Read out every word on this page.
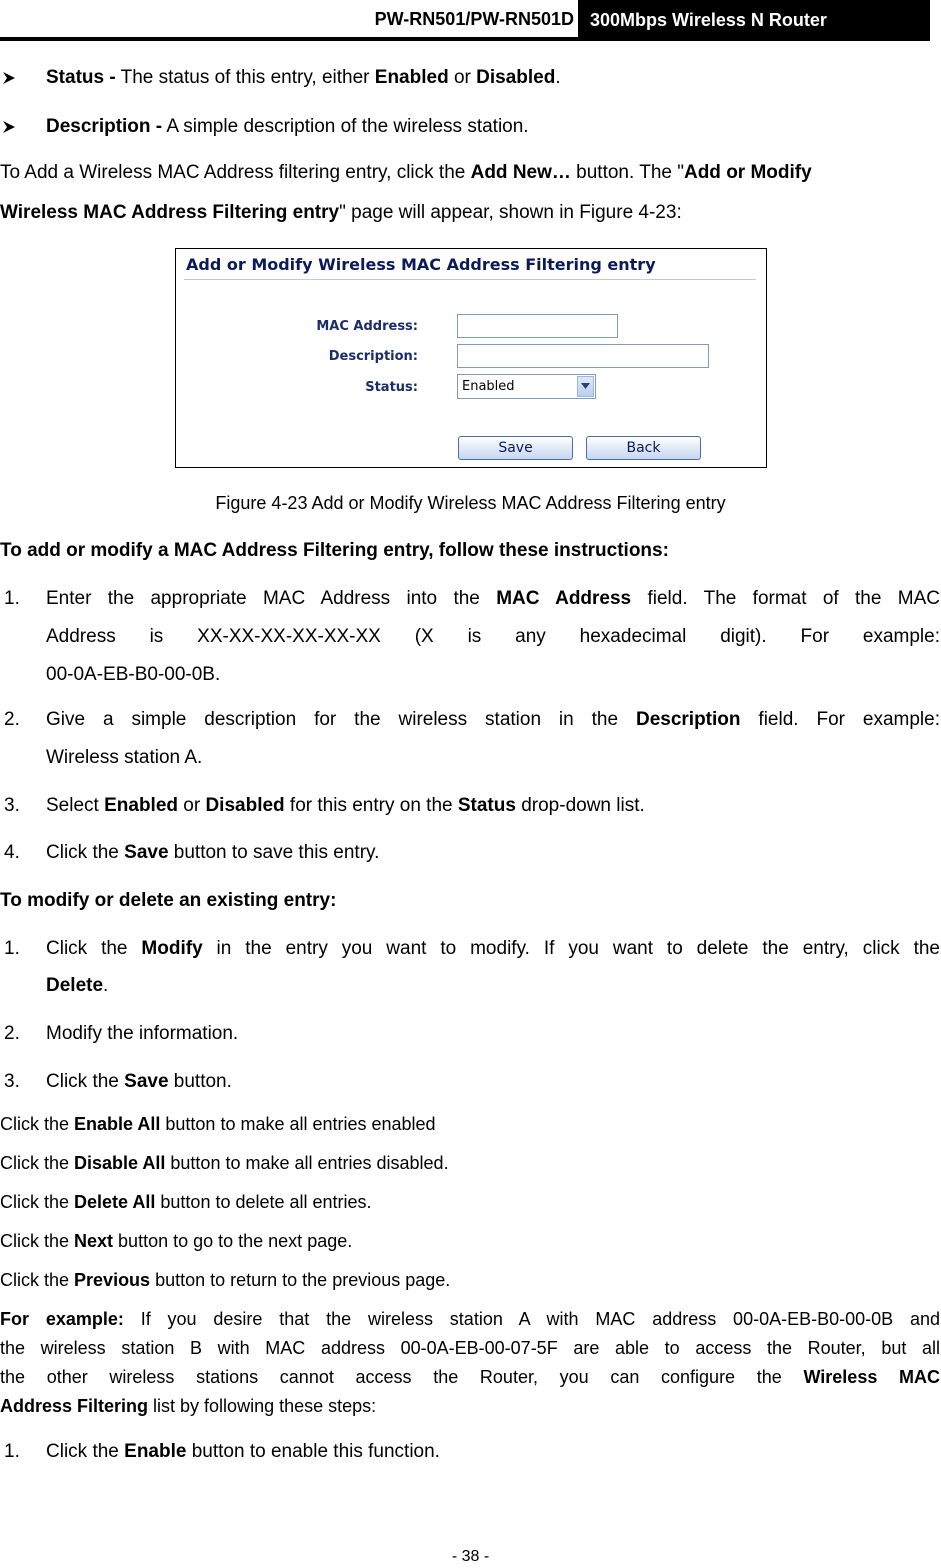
PW-RN501/PW-RN501D 300Mbps Wireless N Router
Status - The status of this entry, either Enabled or Disabled.
Description - A simple description of the wireless station.
To Add a Wireless MAC Address filtering entry, click the Add New… button. The "Add or Modify
Wireless MAC Address Filtering entry" page will appear, shown in Figure 4-23:
Add or Modify Wireless MAC Address Filtering entry
MAC Address:
Description:
Status:	Enabled
Save	Back
Figure 4-23 Add or Modify Wireless MAC Address Filtering entry
To add or modify a MAC Address Filtering entry, follow these instructions:
1. Enter the appropriate MAC Address into the MAC Address field. The format of the MAC
Address is XX-XX-XX-XX-XX-XX (X is any hexadecimal digit). For example:
00-0A-EB-B0-00-0B.
2. Give a simple description for the wireless station in the Description field. For example:
Wireless station A.
3. Select Enabled or Disabled for this entry on the Status drop-down list.
4. Click the Save button to save this entry.
To modify or delete an existing entry:
1. Click the Modify in the entry you want to modify. If you want to delete the entry, click the
Delete.
2. Modify the information.
3. Click the Save button.
Click the Enable All button to make all entries enabled
Click the Disable All button to make all entries disabled.
Click the Delete All button to delete all entries.
Click the Next button to go to the next page.
Click the Previous button to return to the previous page.
For example: If you desire that the wireless station A with MAC address 00-0A-EB-B0-00-0B and
the wireless station B with MAC address 00-0A-EB-00-07-5F are able to access the Router, but all
the other wireless stations cannot access the Router, you can configure the Wireless MAC
Address Filtering list by following these steps:
1. Click the Enable button to enable this function.
- 38 -
